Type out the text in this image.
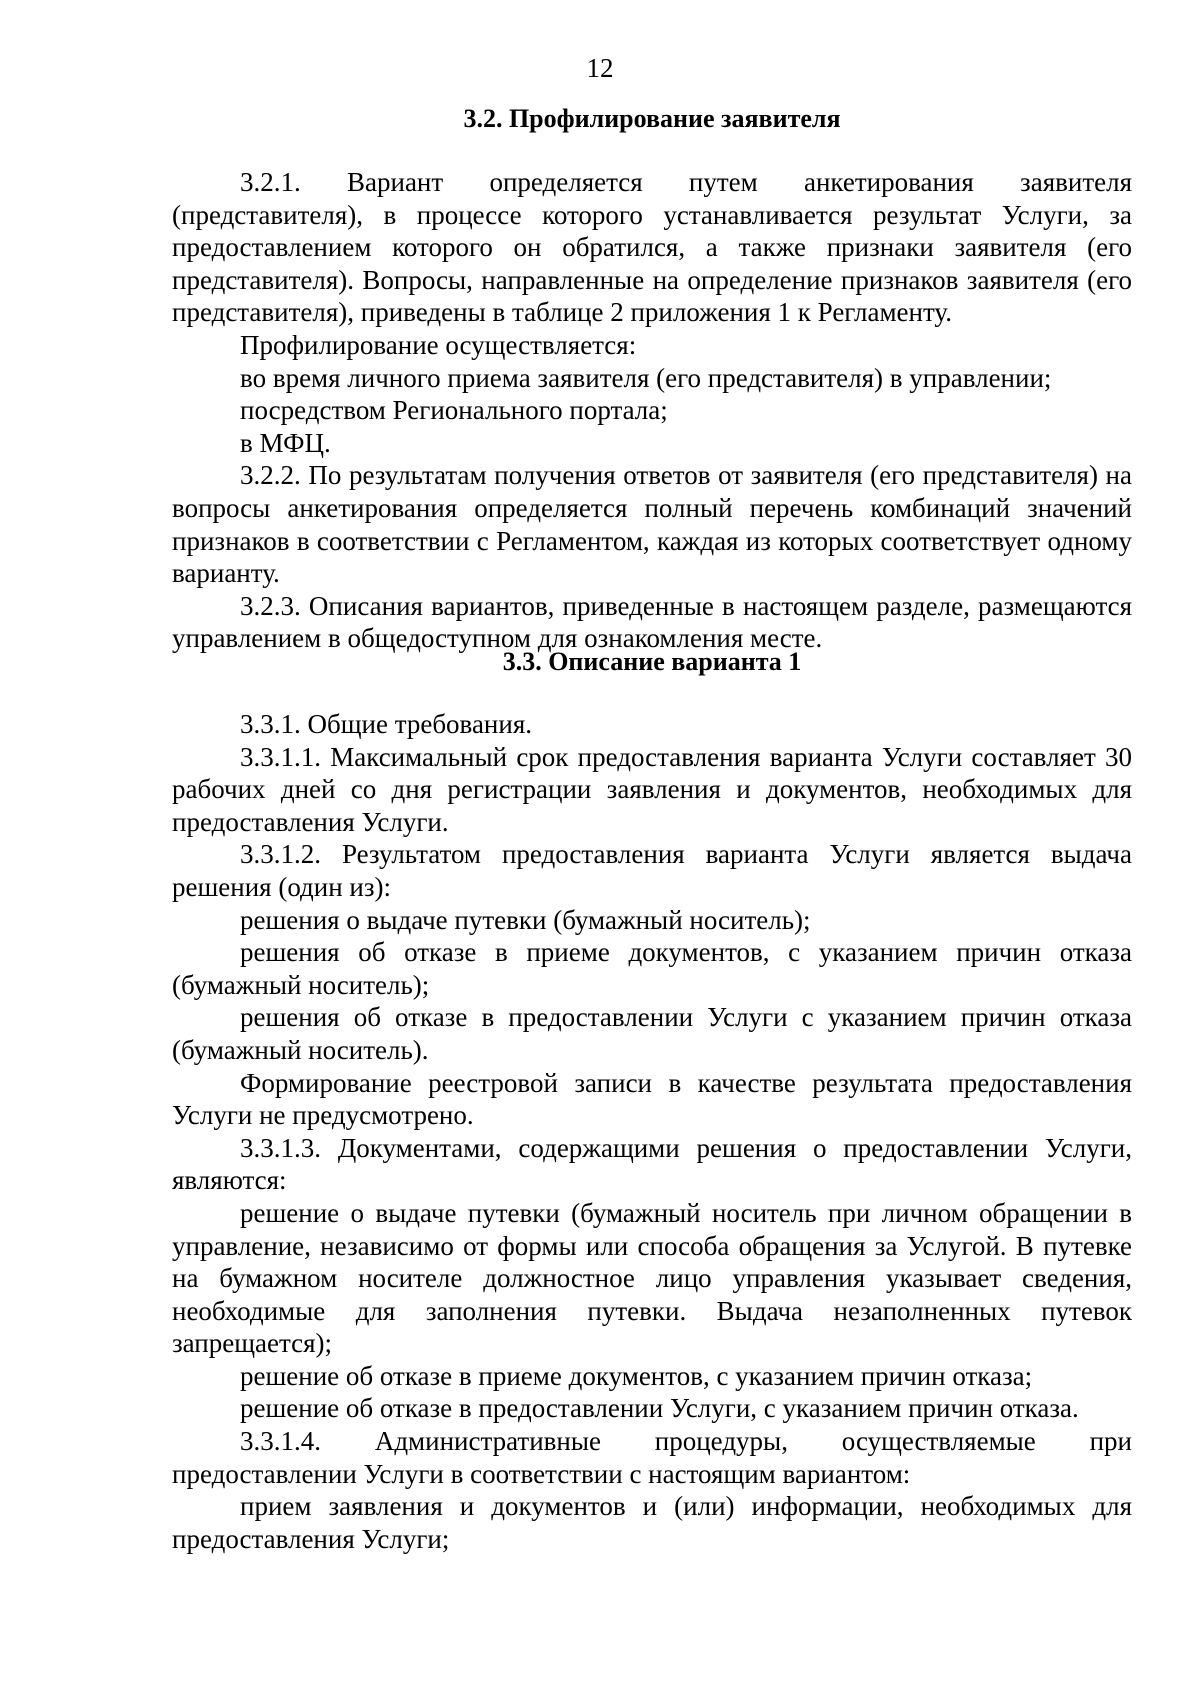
12

3.2. Профилирование заявителя

3.2.1. Вариант определяется путем анкетирования заявителя (представителя), в процессе которого устанавливается результат Услуги, за предоставлением которого он обратился, а также признаки заявителя (его представителя). Вопросы, направленные на определение признаков заявителя (его представителя), приведены в таблице 2 приложения 1 к Регламенту.

Профилирование осуществляется:

во время личного приема заявителя (его представителя) в управлении;

посредством Регионального портала;

в МФЦ.

3.2.2. По результатам получения ответов от заявителя (его представителя) на вопросы анкетирования определяется полный перечень комбинаций значений признаков в соответствии с Регламентом, каждая из которых соответствует одному варианту.

3.2.3. Описания вариантов, приведенные в настоящем разделе, размещаются управлением в общедоступном для ознакомления месте.

3.3. Описание варианта 1

3.3.1. Общие требования.

3.3.1.1. Максимальный срок предоставления варианта Услуги составляет 30 рабочих дней со дня регистрации заявления и документов, необходимых для предоставления Услуги.

3.3.1.2. Результатом предоставления варианта Услуги является выдача решения (один из):

решения о выдаче путевки (бумажный носитель);

решения об отказе в приеме документов, с указанием причин отказа (бумажный носитель);

решения об отказе в предоставлении Услуги с указанием причин отказа (бумажный носитель).

Формирование реестровой записи в качестве результата предоставления Услуги не предусмотрено.

3.3.1.3. Документами, содержащими решения о предоставлении Услуги, являются:

решение о выдаче путевки (бумажный носитель при личном обращении в управление, независимо от формы или способа обращения за Услугой. В путевке на бумажном носителе должностное лицо управления указывает сведения, необходимые для заполнения путевки. Выдача незаполненных путевок запрещается);

решение об отказе в приеме документов, с указанием причин отказа;

решение об отказе в предоставлении Услуги, с указанием причин отказа.

3.3.1.4. Административные процедуры, осуществляемые при предоставлении Услуги в соответствии с настоящим вариантом:

прием заявления и документов и (или) информации, необходимых для предоставления Услуги;
